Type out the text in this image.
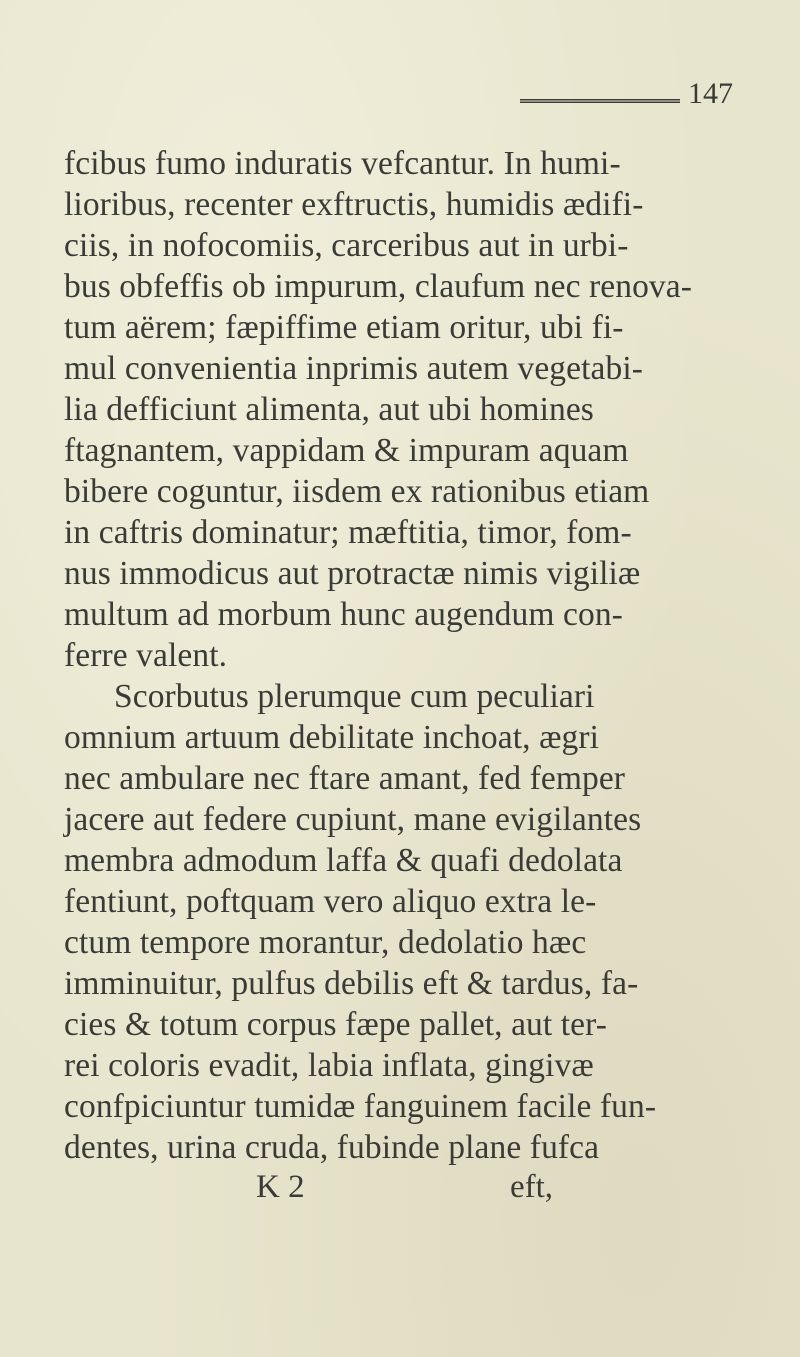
147
fcibus fumo induratis vefcantur. In humi-
lioribus, recenter exftructis, humidis ædifi-
ciis, in nofocomiis, carceribus aut in urbi-
bus obfeffis ob impurum, claufum nec renova-
tum aërem; fæpiffime etiam oritur, ubi fi-
mul convenientia inprimis autem vegetabi-
lia defficiunt alimenta, aut ubi homines
ftagnantem, vappidam & impuram aquam
bibere coguntur, iisdem ex rationibus etiam
in caftris dominatur; mæftitia, timor, fom-
nus immodicus aut protractæ nimis vigiliæ
multum ad morbum hunc augendum con-
ferre valent.
Scorbutus plerumque cum peculiari
omnium artuum debilitate inchoat, ægri
nec ambulare nec ftare amant, fed femper
jacere aut federe cupiunt, mane evigilantes
membra admodum laffa & quafi dedolata
fentiunt, poftquam vero aliquo extra le-
ctum tempore morantur, dedolatio hæc
imminuitur, pulfus debilis eft & tardus, fa-
cies & totum corpus fæpe pallet, aut ter-
rei coloris evadit, labia inflata, gingivæ
confpiciuntur tumidæ fanguinem facile fun-
dentes, urina cruda, fubinde plane fufca
K 2	eft,
